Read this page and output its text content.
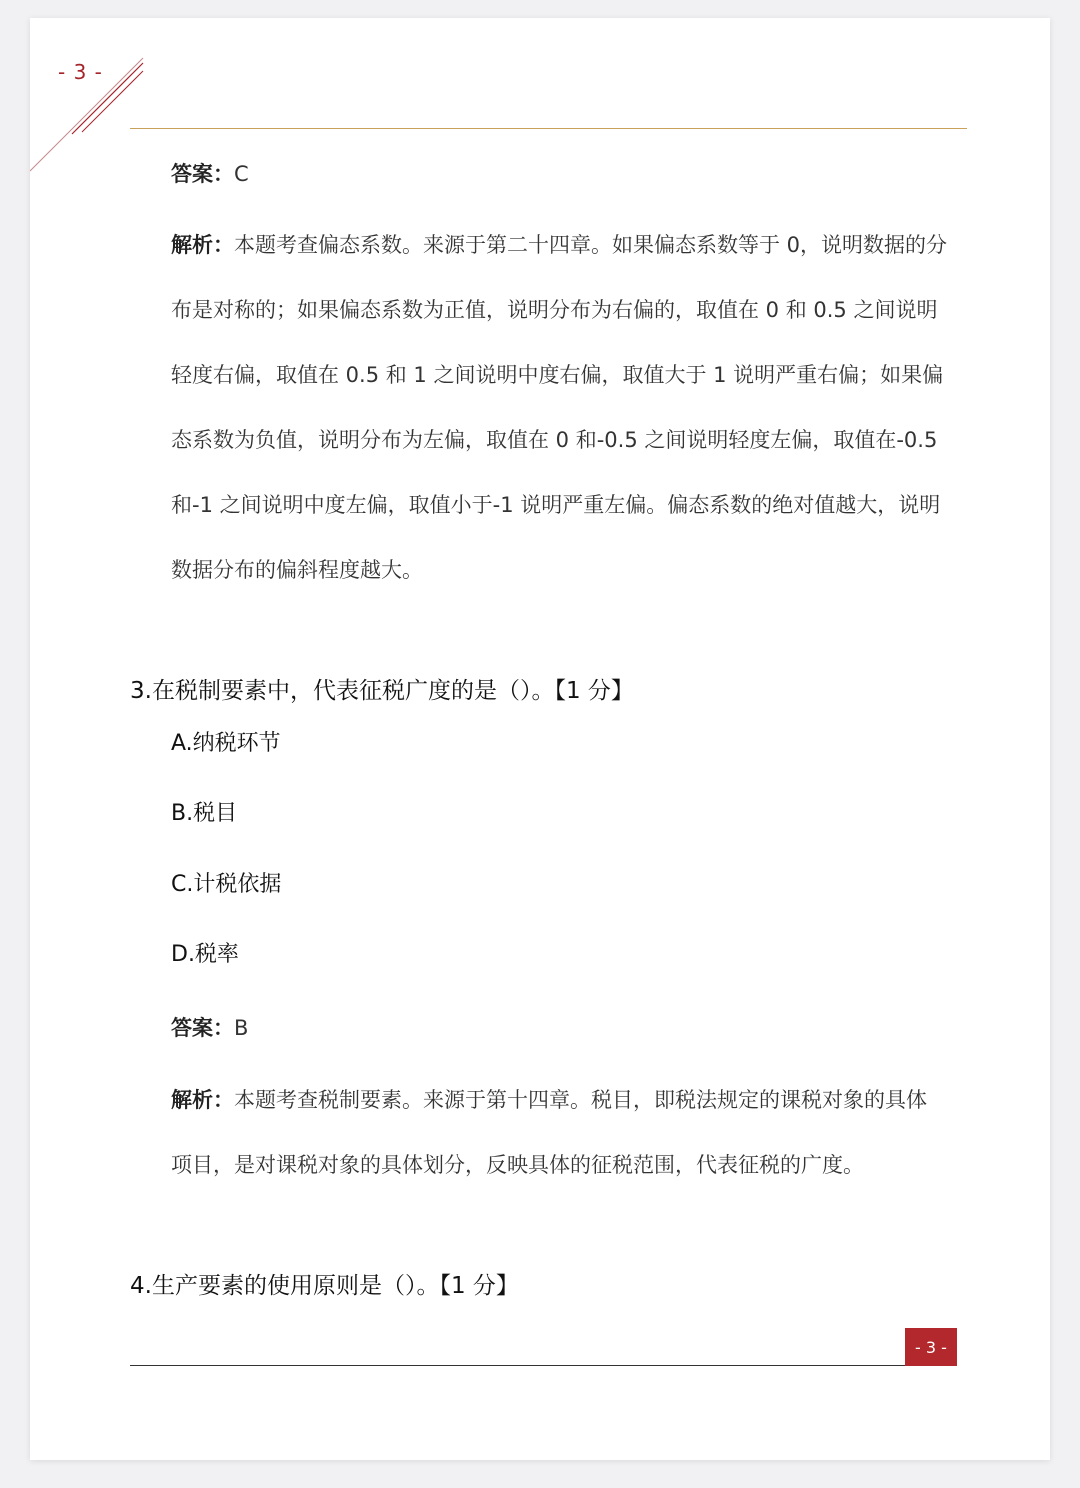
- 3 -
答案：C
解析：本题考查偏态系数。来源于第二十四章。如果偏态系数等于 0，说明数据的分
布是对称的；如果偏态系数为正值，说明分布为右偏的，取值在 0 和 0.5 之间说明
轻度右偏，取值在 0.5 和 1 之间说明中度右偏，取值大于 1 说明严重右偏；如果偏
态系数为负值，说明分布为左偏，取值在 0 和-0.5 之间说明轻度左偏，取值在-0.5
和-1 之间说明中度左偏，取值小于-1 说明严重左偏。偏态系数的绝对值越大，说明
数据分布的偏斜程度越大。
3.在税制要素中，代表征税广度的是（）。【1 分】
A.纳税环节
B.税目
C.计税依据
D.税率
答案：B
解析：本题考查税制要素。来源于第十四章。税目，即税法规定的课税对象的具体
项目，是对课税对象的具体划分，反映具体的征税范围，代表征税的广度。
4.生产要素的使用原则是（）。【1 分】
- 3 -
